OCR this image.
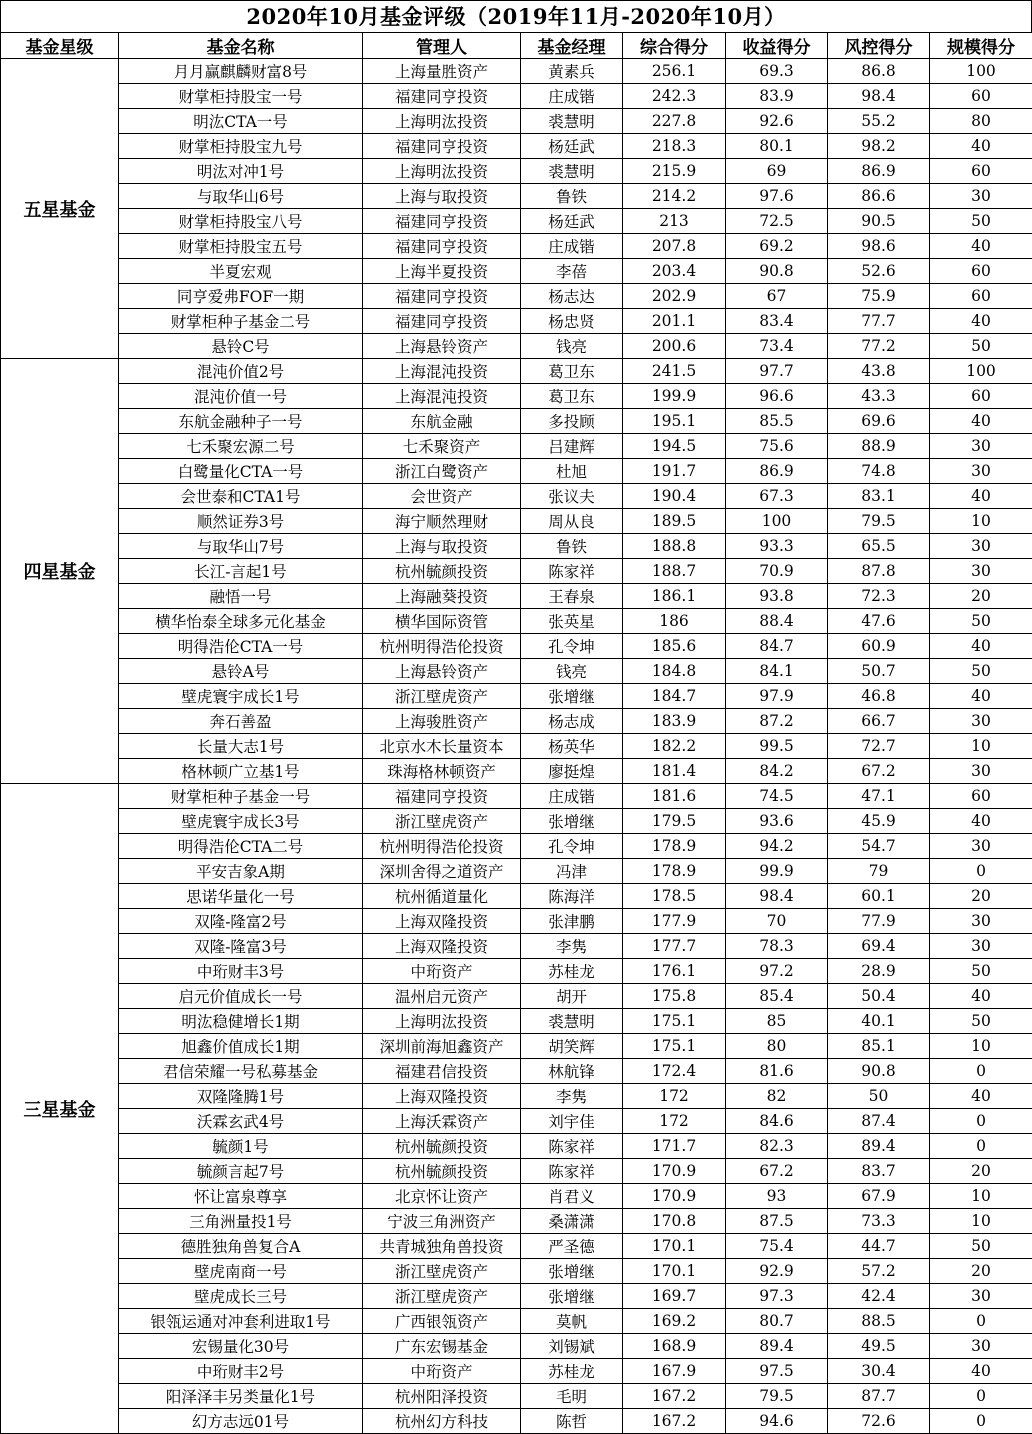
2020年10月基金评级（2019年11月-2020年10月）
基金星级	基金名称	管理人	基金经理	综合得分	收益得分	风控得分	规模得分
五星基金	月月赢麒麟财富8号	上海量胜资产	黄素兵	256.1	69.3	86.8	100
	财掌柜持股宝一号	福建同亨投资	庄成锴	242.3	83.9	98.4	60
	明汯CTA一号	上海明汯投资	裘慧明	227.8	92.6	55.2	80
	财掌柜持股宝九号	福建同亨投资	杨廷武	218.3	80.1	98.2	40
	明汯对冲1号	上海明汯投资	裘慧明	215.9	69	86.9	60
	与取华山6号	上海与取投资	鲁铁	214.2	97.6	86.6	30
	财掌柜持股宝八号	福建同亨投资	杨廷武	213	72.5	90.5	50
	财掌柜持股宝五号	福建同亨投资	庄成锴	207.8	69.2	98.6	40
	半夏宏观	上海半夏投资	李蓓	203.4	90.8	52.6	60
	同亨爱弗FOF一期	福建同亨投资	杨志达	202.9	67	75.9	60
	财掌柜种子基金二号	福建同亨投资	杨忠贤	201.1	83.4	77.7	40
	悬铃C号	上海悬铃资产	钱亮	200.6	73.4	77.2	50
四星基金	混沌价值2号	上海混沌投资	葛卫东	241.5	97.7	43.8	100
	混沌价值一号	上海混沌投资	葛卫东	199.9	96.6	43.3	60
	东航金融种子一号	东航金融	多投顾	195.1	85.5	69.6	40
	七禾聚宏源二号	七禾聚资产	吕建辉	194.5	75.6	88.9	30
	白鹭量化CTA一号	浙江白鹭资产	杜旭	191.7	86.9	74.8	30
	会世泰和CTA1号	会世资产	张议夫	190.4	67.3	83.1	40
	顺然证券3号	海宁顺然理财	周从良	189.5	100	79.5	10
	与取华山7号	上海与取投资	鲁铁	188.8	93.3	65.5	30
	长江-言起1号	杭州毓颜投资	陈家祥	188.7	70.9	87.8	30
	融悟一号	上海融葵投资	王春泉	186.1	93.8	72.3	20
	横华怡泰全球多元化基金	横华国际资管	张英星	186	88.4	47.6	50
	明得浩伦CTA一号	杭州明得浩伦投资	孔令坤	185.6	84.7	60.9	40
	悬铃A号	上海悬铃资产	钱亮	184.8	84.1	50.7	50
	壁虎寰宇成长1号	浙江壁虎资产	张增继	184.7	97.9	46.8	40
	奔石善盈	上海骏胜资产	杨志成	183.9	87.2	66.7	30
	长量大志1号	北京水木长量资本	杨英华	182.2	99.5	72.7	10
	格林顿广立基1号	珠海格林顿资产	廖挺煌	181.4	84.2	67.2	30
三星基金	财掌柜种子基金一号	福建同亨投资	庄成锴	181.6	74.5	47.1	60
	壁虎寰宇成长3号	浙江壁虎资产	张增继	179.5	93.6	45.9	40
	明得浩伦CTA二号	杭州明得浩伦投资	孔令坤	178.9	94.2	54.7	30
	平安吉象A期	深圳舍得之道资产	冯津	178.9	99.9	79	0
	思诺华量化一号	杭州循道量化	陈海洋	178.5	98.4	60.1	20
	双隆-隆富2号	上海双隆投资	张津鹏	177.9	70	77.9	30
	双隆-隆富3号	上海双隆投资	李隽	177.7	78.3	69.4	30
	中珩财丰3号	中珩资产	苏桂龙	176.1	97.2	28.9	50
	启元价值成长一号	温州启元资产	胡开	175.8	85.4	50.4	40
	明汯稳健增长1期	上海明汯投资	裘慧明	175.1	85	40.1	50
	旭鑫价值成长1期	深圳前海旭鑫资产	胡笑辉	175.1	80	85.1	10
	君信荣耀一号私募基金	福建君信投资	林航锋	172.4	81.6	90.8	0
	双隆隆腾1号	上海双隆投资	李隽	172	82	50	40
	沃霖玄武4号	上海沃霖资产	刘宇佳	172	84.6	87.4	0
	毓颜1号	杭州毓颜投资	陈家祥	171.7	82.3	89.4	0
	毓颜言起7号	杭州毓颜投资	陈家祥	170.9	67.2	83.7	20
	怀让富泉尊享	北京怀让资产	肖君义	170.9	93	67.9	10
	三角洲量投1号	宁波三角洲资产	桑潇潇	170.8	87.5	73.3	10
	德胜独角兽复合A	共青城独角兽投资	严圣德	170.1	75.4	44.7	50
	壁虎南商一号	浙江壁虎资产	张增继	170.1	92.9	57.2	20
	壁虎成长三号	浙江壁虎资产	张增继	169.7	97.3	42.4	30
	银瓴运通对冲套利进取1号	广西银瓴资产	莫帆	169.2	80.7	88.5	0
	宏锡量化30号	广东宏锡基金	刘锡斌	168.9	89.4	49.5	30
	中珩财丰2号	中珩资产	苏桂龙	167.9	97.5	30.4	40
	阳泽泽丰另类量化1号	杭州阳泽投资	毛明	167.2	79.5	87.7	0
	幻方志远01号	杭州幻方科技	陈哲	167.2	94.6	72.6	0
